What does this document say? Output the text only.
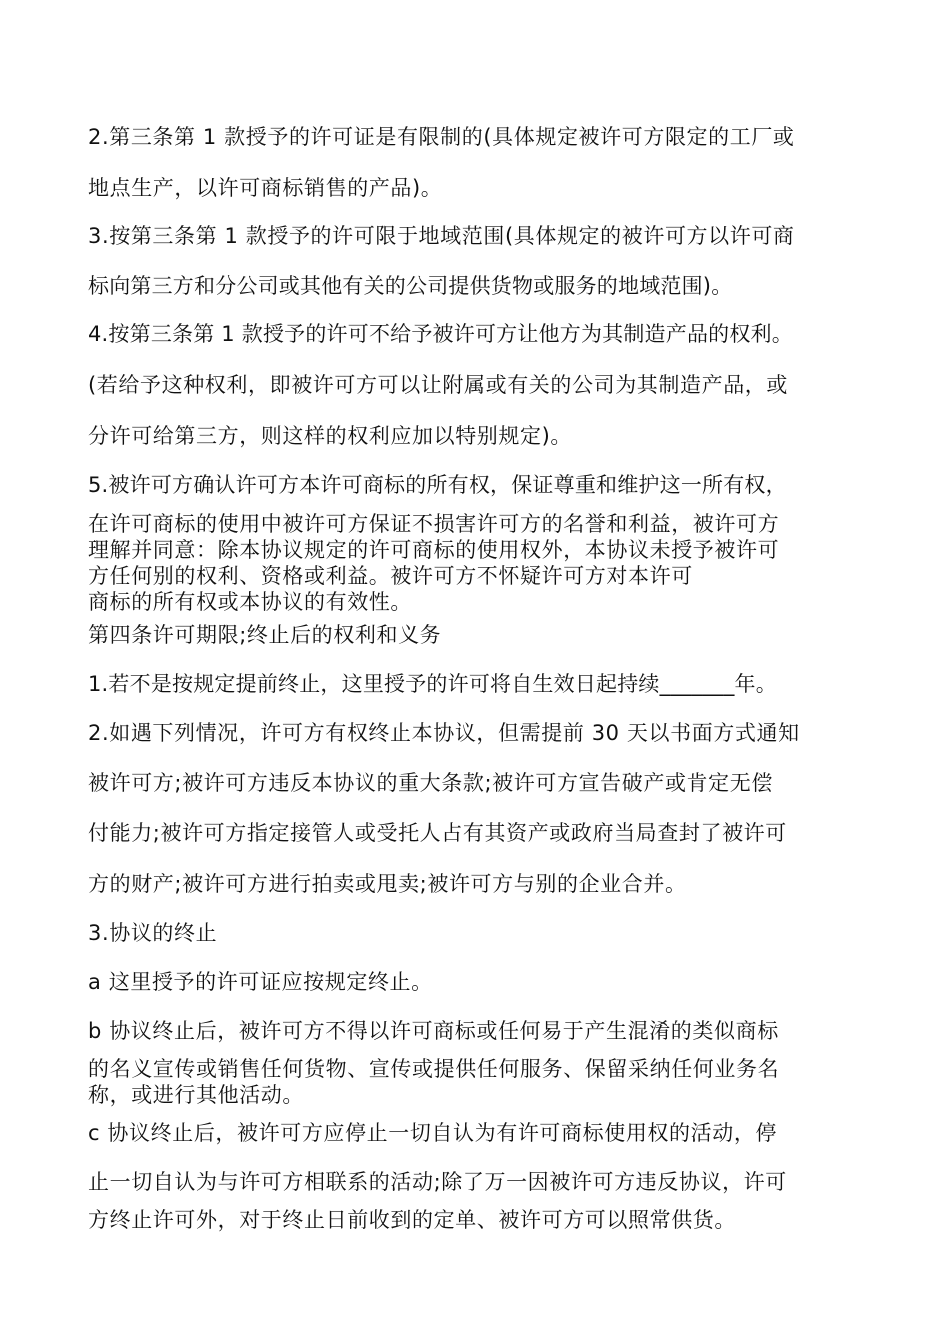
2.第三条第 1 款授予的许可证是有限制的(具体规定被许可方限定的工厂或
地点生产，以许可商标销售的产品)。
3.按第三条第 1 款授予的许可限于地域范围(具体规定的被许可方以许可商
标向第三方和分公司或其他有关的公司提供货物或服务的地域范围)。
4.按第三条第 1 款授予的许可不给予被许可方让他方为其制造产品的权利。
(若给予这种权利，即被许可方可以让附属或有关的公司为其制造产品，或
分许可给第三方，则这样的权利应加以特别规定)。
5.被许可方确认许可方本许可商标的所有权，保证尊重和维护这一所有权，
在许可商标的使用中被许可方保证不损害许可方的名誉和利益，被许可方
理解并同意：除本协议规定的许可商标的使用权外，本协议未授予被许可
方任何别的权利、资格或利益。被许可方不怀疑许可方对本许可
商标的所有权或本协议的有效性。
第四条许可期限;终止后的权利和义务
1.若不是按规定提前终止，这里授予的许可将自生效日起持续_______年。
2.如遇下列情况，许可方有权终止本协议，但需提前 30 天以书面方式通知
被许可方;被许可方违反本协议的重大条款;被许可方宣告破产或肯定无偿
付能力;被许可方指定接管人或受托人占有其资产或政府当局查封了被许可
方的财产;被许可方进行拍卖或甩卖;被许可方与别的企业合并。
3.协议的终止
a 这里授予的许可证应按规定终止。
b 协议终止后，被许可方不得以许可商标或任何易于产生混淆的类似商标
的名义宣传或销售任何货物、宣传或提供任何服务、保留采纳任何业务名
称，或进行其他活动。
c 协议终止后，被许可方应停止一切自认为有许可商标使用权的活动，停
止一切自认为与许可方相联系的活动;除了万一因被许可方违反协议，许可
方终止许可外，对于终止日前收到的定单、被许可方可以照常供货。
